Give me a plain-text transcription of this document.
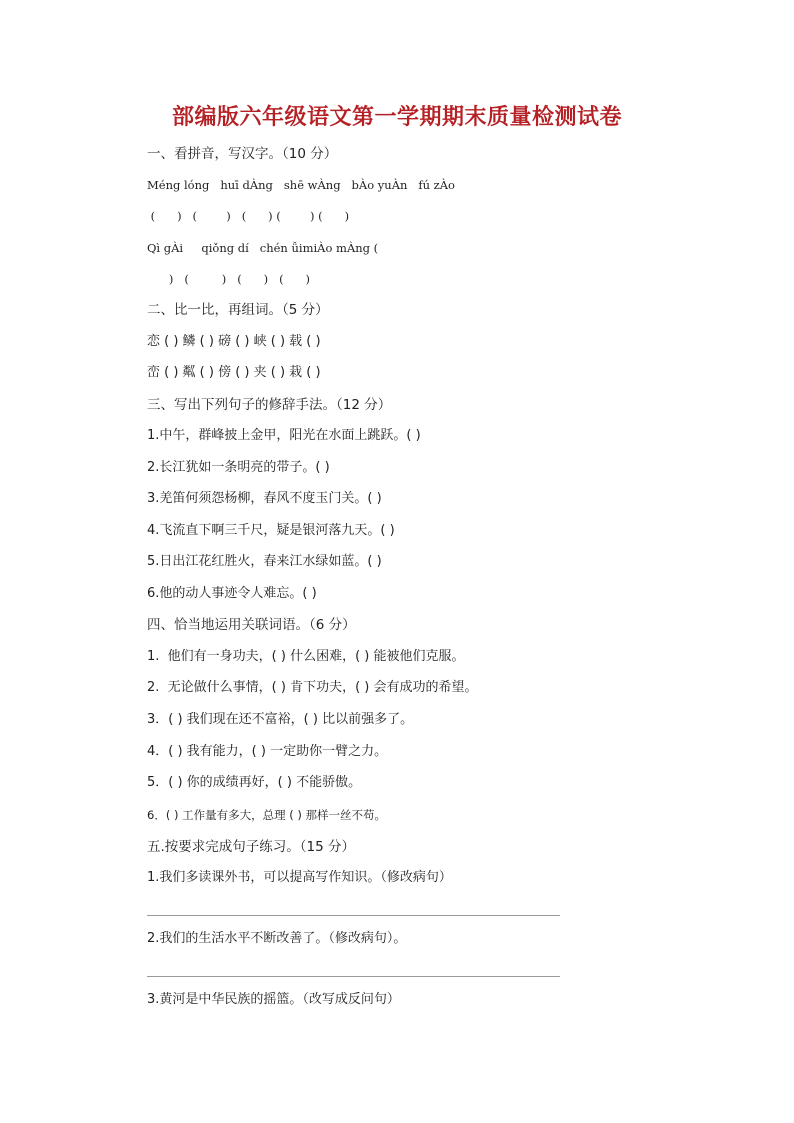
部编版六年级语文第一学期期末质量检测试卷
一、看拼音，写汉字。（10 分）
Méng lóng   huī dÀng   shē wÀng   bÀo yuÀn   fú zÀo
(      )   (        )   (      ) (        ) (      )
Qì gÀi     qiǒng dí   chén ǚimiÀo mÀng (
)   (         )   (      )   (      )
二、比一比，再组词。（5 分）
恋 ( ) 鳞 ( ) 磅 ( ) 峡 ( ) 载 ( )
峦 ( ) 粼 ( ) 傍 ( ) 夹 ( ) 栽 ( )
三、写出下列句子的修辞手法。（12 分）
1.中午，群峰披上金甲，阳光在水面上跳跃。( )
2.长江犹如一条明亮的带子。( )
3.羌笛何须怨杨柳，春风不度玉门关。( )
4.飞流直下啊三千尺，疑是银河落九天。( )
5.日出江花红胜火，春来江水绿如蓝。( )
6.他的动人事迹令人难忘。( )
四、恰当地运用关联词语。（6 分）
1.  他们有一身功夫，( ) 什么困难，( ) 能被他们克服。
2.  无论做什么事情，( ) 肯下功夫，( ) 会有成功的希望。
3．( ) 我们现在还不富裕，( ) 比以前强多了。
4．( ) 我有能力，( ) 一定助你一臂之力。
5．( ) 你的成绩再好，( ) 不能骄傲。
6．( ) 工作量有多大，总理 ( ) 那样一丝不苟。
五.按要求完成句子练习。（15 分）
1.我们多读课外书，可以提高写作知识。（修改病句）
2.我们的生活水平不断改善了。（修改病句）。
3.黄河是中华民族的摇篮。（改写成反问句）
